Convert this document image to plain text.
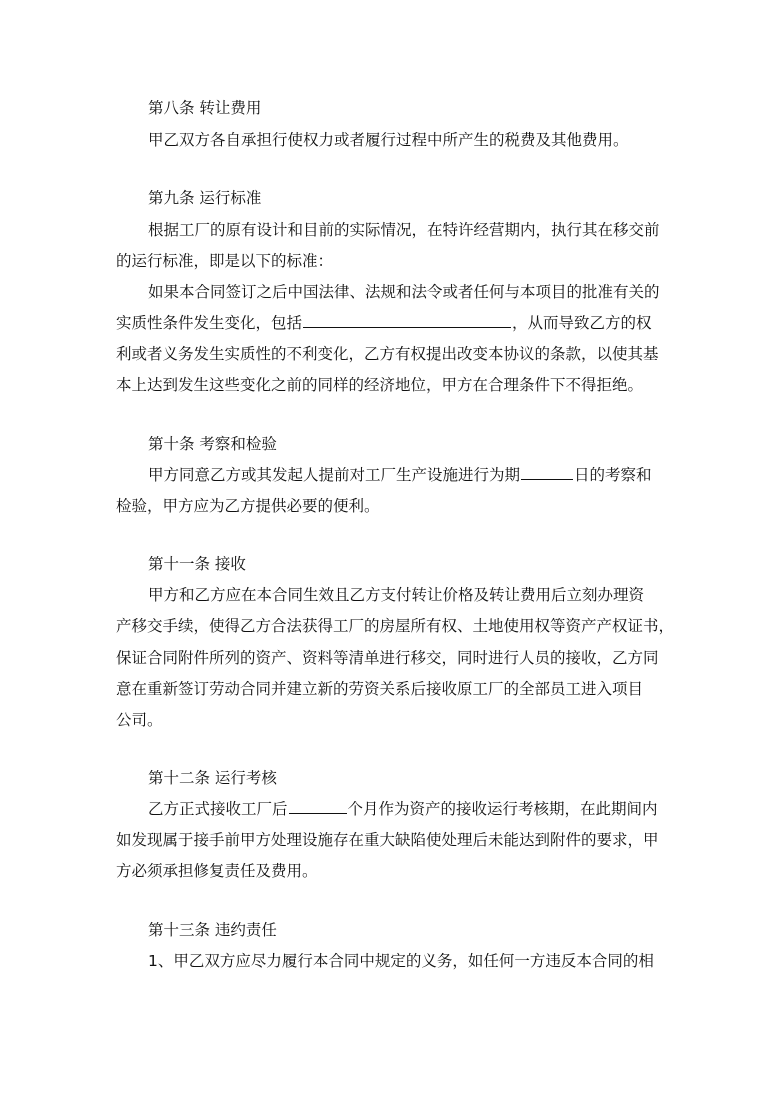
第八条 转让费用
甲乙双方各自承担行使权力或者履行过程中所产生的税费及其他费用。
第九条 运行标准
根据工厂的原有设计和目前的实际情况，在特许经营期内，执行其在移交前
的运行标准，即是以下的标准：
如果本合同签订之后中国法律、法规和法令或者任何与本项目的批准有关的
实质性条件发生变化，包括	，从而导致乙方的权
利或者义务发生实质性的不利变化，乙方有权提出改变本协议的条款，以使其基
本上达到发生这些变化之前的同样的经济地位，甲方在合理条件下不得拒绝。
第十条 考察和检验
甲方同意乙方或其发起人提前对工厂生产设施进行为期	日的考察和
检验，甲方应为乙方提供必要的便利。
第十一条 接收
甲方和乙方应在本合同生效且乙方支付转让价格及转让费用后立刻办理资
产移交手续，使得乙方合法获得工厂的房屋所有权、土地使用权等资产产权证书，
保证合同附件所列的资产、资料等清单进行移交，同时进行人员的接收，乙方同
意在重新签订劳动合同并建立新的劳资关系后接收原工厂的全部员工进入项目
公司。
第十二条 运行考核
乙方正式接收工厂后	个月作为资产的接收运行考核期，在此期间内
如发现属于接手前甲方处理设施存在重大缺陷使处理后未能达到附件的要求，甲
方必须承担修复责任及费用。
第十三条 违约责任
1、甲乙双方应尽力履行本合同中规定的义务，如任何一方违反本合同的相
